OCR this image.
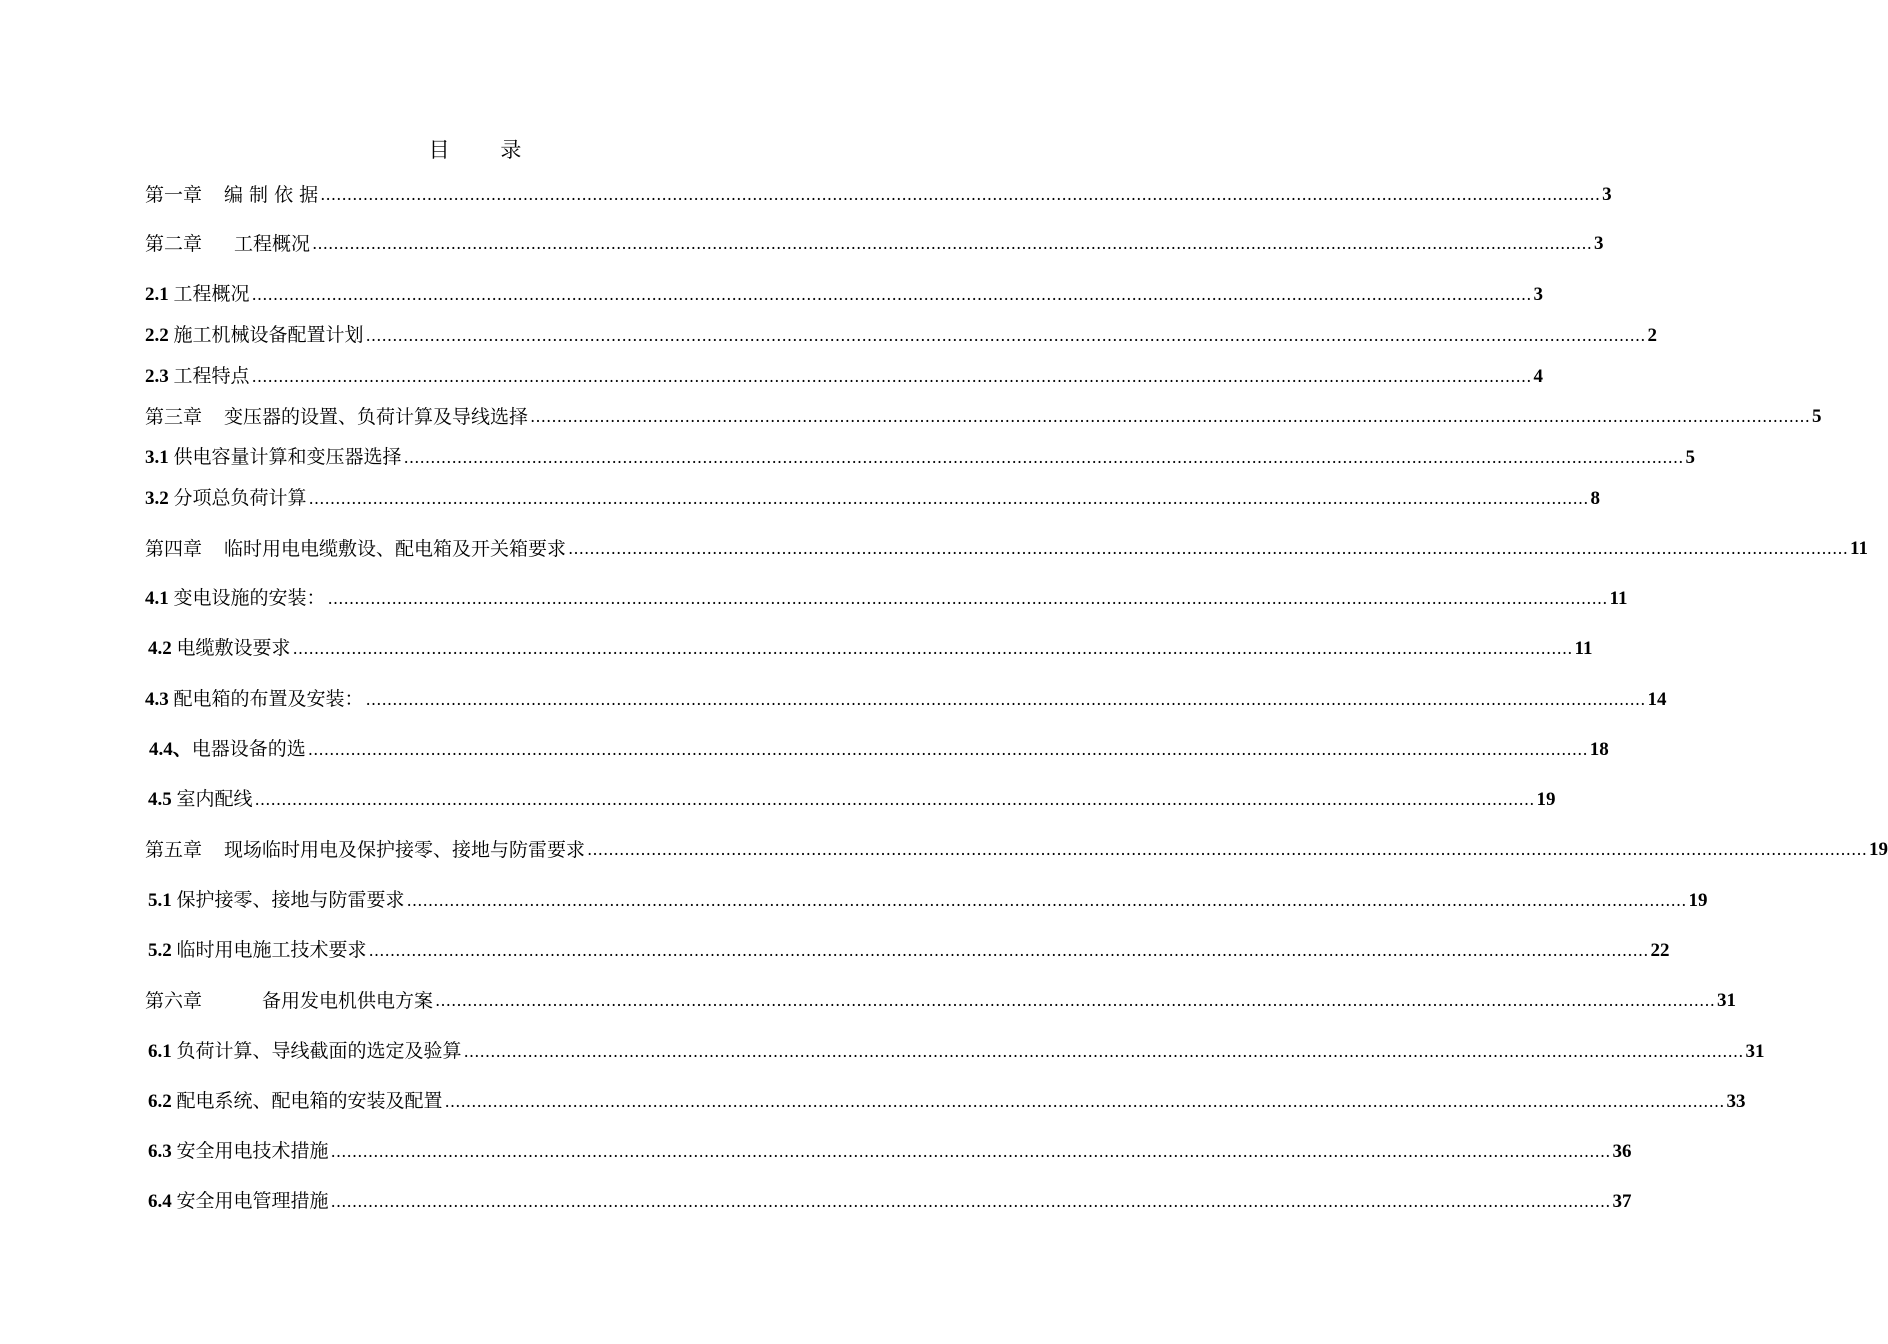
目 录
第一章 编 制 依 据 …………………………………………………………………………………………………………………………………………………………………………………………………………………… 3
第二章 工程概况 …………………………………………………………………………………………………………………………………………………………………………………………………………………… 3
2.1 工程概况 …………………………………………………………………………………………………………………………………………………………………………………………………………………… 3
2.2 施工机械设备配置计划 …………………………………………………………………………………………………………………………………………………………………………………………………………………… 2
2.3 工程特点 …………………………………………………………………………………………………………………………………………………………………………………………………………………… 4
第三章 变压器的设置、负荷计算及导线选择 …………………………………………………………………………………………………………………………………………………………………………………………………………………… 5
3.1 供电容量计算和变压器选择 …………………………………………………………………………………………………………………………………………………………………………………………………………………… 5
3.2 分项总负荷计算 …………………………………………………………………………………………………………………………………………………………………………………………………………………… 8
第四章 临时用电电缆敷设、配电箱及开关箱要求 …………………………………………………………………………………………………………………………………………………………………………………………………………………… 11
4.1 变电设施的安装： …………………………………………………………………………………………………………………………………………………………………………………………………………………… 11
4.2 电缆敷设要求 …………………………………………………………………………………………………………………………………………………………………………………………………………………… 11
4.3 配电箱的布置及安装： …………………………………………………………………………………………………………………………………………………………………………………………………………………… 14
4.4、电器设备的选 …………………………………………………………………………………………………………………………………………………………………………………………………………………… 18
4.5 室内配线 …………………………………………………………………………………………………………………………………………………………………………………………………………………… 19
第五章 现场临时用电及保护接零、接地与防雷要求 …………………………………………………………………………………………………………………………………………………………………………………………………………………… 19
5.1 保护接零、接地与防雷要求 …………………………………………………………………………………………………………………………………………………………………………………………………………………… 19
5.2 临时用电施工技术要求 …………………………………………………………………………………………………………………………………………………………………………………………………………………… 22
第六章	备用发电机供电方案 …………………………………………………………………………………………………………………………………………………………………………………………………………………… 31
6.1 负荷计算、导线截面的选定及验算 …………………………………………………………………………………………………………………………………………………………………………………………………………………… 31
6.2 配电系统、配电箱的安装及配置 …………………………………………………………………………………………………………………………………………………………………………………………………………………… 33
6.3 安全用电技术措施 …………………………………………………………………………………………………………………………………………………………………………………………………………………… 36
6.4 安全用电管理措施 …………………………………………………………………………………………………………………………………………………………………………………………………………………… 37
